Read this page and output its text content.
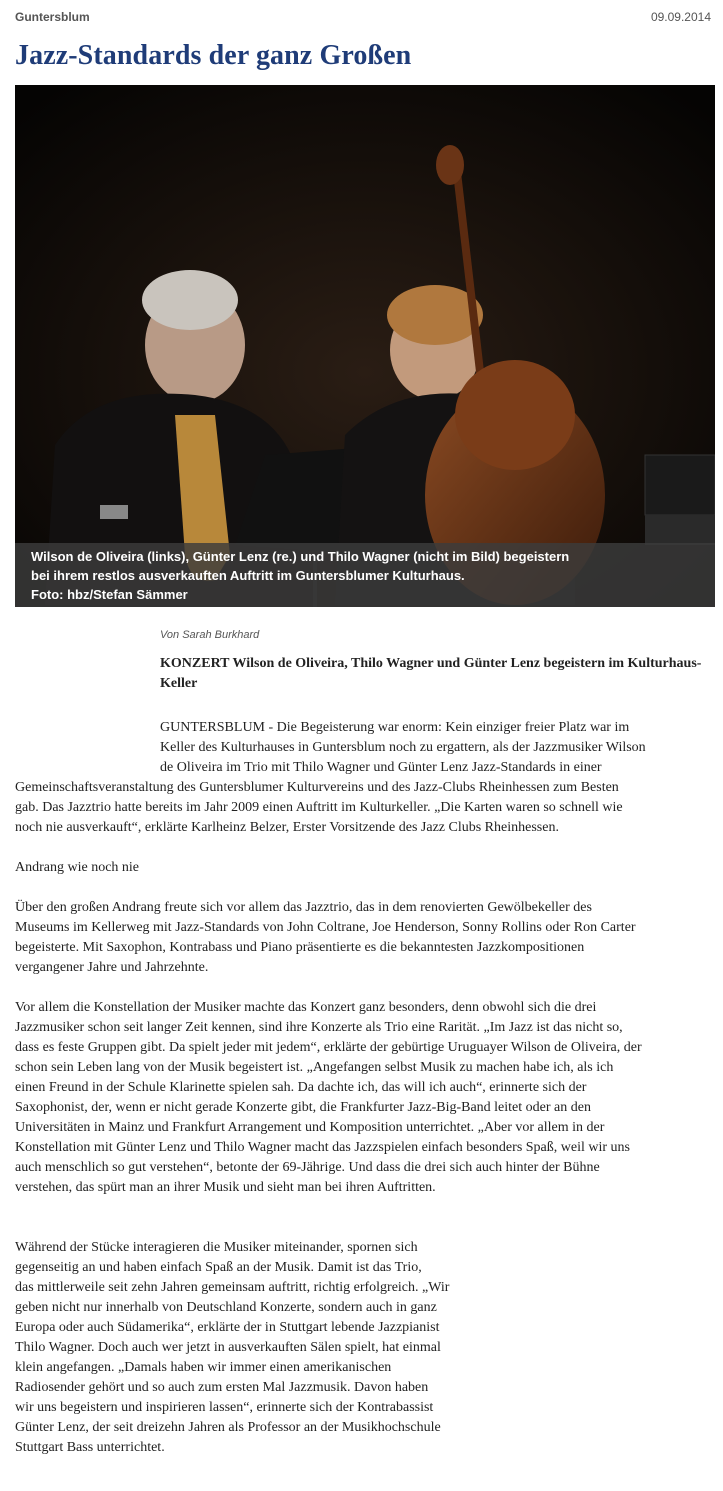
Guntersblum	09.09.2014
Jazz-Standards der ganz Großen
Wilson de Oliveira (links), Günter Lenz (re.) und Thilo Wagner (nicht im Bild) begeistern
bei ihrem restlos ausverkauften Auftritt im Guntersblumer Kulturhaus.
Foto: hbz/Stefan Sämmer
Von Sarah Burkhard
KONZERT Wilson de Oliveira, Thilo Wagner und Günter Lenz begeistern im Kulturhaus-Keller
GUNTERSBLUM - Die Begeisterung war enorm: Kein einziger freier Platz war im
Keller des Kulturhauses in Guntersblum noch zu ergattern, als der Jazzmusiker Wilson
de Oliveira im Trio mit Thilo Wagner und Günter Lenz Jazz-Standards in einer
Gemeinschaftsveranstaltung des Guntersblumer Kulturvereins und des Jazz-Clubs Rheinhessen zum Besten
gab. Das Jazztrio hatte bereits im Jahr 2009 einen Auftritt im Kulturkeller. „Die Karten waren so schnell wie
noch nie ausverkauft“, erklärte Karlheinz Belzer, Erster Vorsitzende des Jazz Clubs Rheinhessen.
Andrang wie noch nie
Über den großen Andrang freute sich vor allem das Jazztrio, das in dem renovierten Gewölbekeller des
Museums im Kellerweg mit Jazz-Standards von John Coltrane, Joe Henderson, Sonny Rollins oder Ron Carter
begeisterte. Mit Saxophon, Kontrabass und Piano präsentierte es die bekanntesten Jazzkompositionen
vergangener Jahre und Jahrzehnte.
Vor allem die Konstellation der Musiker machte das Konzert ganz besonders, denn obwohl sich die drei
Jazzmusiker schon seit langer Zeit kennen, sind ihre Konzerte als Trio eine Rarität. „Im Jazz ist das nicht so,
dass es feste Gruppen gibt. Da spielt jeder mit jedem“, erklärte der gebürtige Uruguayer Wilson de Oliveira, der
schon sein Leben lang von der Musik begeistert ist. „Angefangen selbst Musik zu machen habe ich, als ich
einen Freund in der Schule Klarinette spielen sah. Da dachte ich, das will ich auch“, erinnerte sich der
Saxophonist, der, wenn er nicht gerade Konzerte gibt, die Frankfurter Jazz-Big-Band leitet oder an den
Universitäten in Mainz und Frankfurt Arrangement und Komposition unterrichtet. „Aber vor allem in der
Konstellation mit Günter Lenz und Thilo Wagner macht das Jazzspielen einfach besonders Spaß, weil wir uns
auch menschlich so gut verstehen“, betonte der 69-Jährige. Und dass die drei sich auch hinter der Bühne
verstehen, das spürt man an ihrer Musik und sieht man bei ihren Auftritten.
Während der Stücke interagieren die Musiker miteinander, spornen sich
gegenseitig an und haben einfach Spaß an der Musik. Damit ist das Trio,
das mittlerweile seit zehn Jahren gemeinsam auftritt, richtig erfolgreich. „Wir
geben nicht nur innerhalb von Deutschland Konzerte, sondern auch in ganz
Europa oder auch Südamerika“, erklärte der in Stuttgart lebende Jazzpianist
Thilo Wagner. Doch auch wer jetzt in ausverkauften Sälen spielt, hat einmal
klein angefangen. „Damals haben wir immer einen amerikanischen
Radiosender gehört und so auch zum ersten Mal Jazzmusik. Davon haben
wir uns begeistern und inspirieren lassen“, erinnerte sich der Kontrabassist
Günter Lenz, der seit dreizehn Jahren als Professor an der Musikhochschule
Stuttgart Bass unterrichtet.
